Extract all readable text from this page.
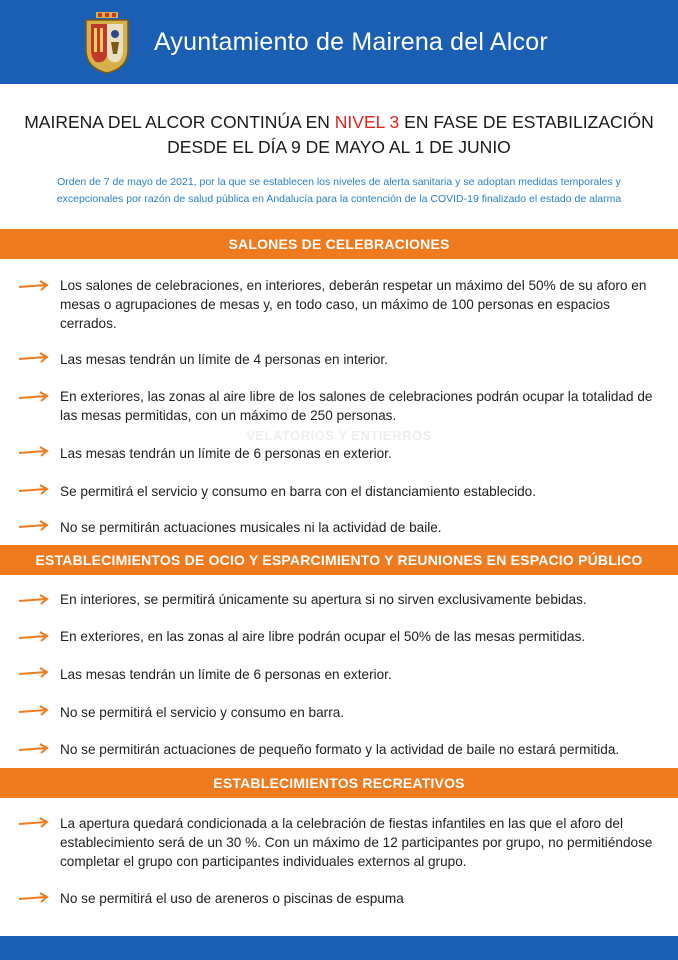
Ayuntamiento de Mairena del Alcor
MAIRENA DEL ALCOR CONTINÚA EN NIVEL 3 EN FASE DE ESTABILIZACIÓN
DESDE EL DÍA 9 DE MAYO AL 1 DE JUNIO
Orden de 7 de mayo de 2021, por la que se establecen los niveles de alerta sanitaria y se adoptan medidas temporales y
excepcionales por razón de salud pública en Andalucía para la contención de la COVID-19 finalizado el estado de alarma
SALONES DE CELEBRACIONES
Los salones de celebraciones, en interiores, deberán respetar un máximo del 50% de su aforo en mesas o agrupaciones de mesas y, en todo caso, un máximo de 100 personas en espacios cerrados.
Las mesas tendrán un límite de 4 personas en interior.
En exteriores, las zonas al aire libre de los salones de celebraciones podrán ocupar la totalidad de las mesas permitidas, con un máximo de 250 personas.
VELATORIOS Y ENTIERROS
Las mesas tendrán un límite de 6 personas en exterior.
Se permitirá el servicio y consumo en barra con el distanciamiento establecido.
No se permitirán actuaciones musicales ni la actividad de baile.
ESTABLECIMIENTOS DE OCIO Y ESPARCIMIENTO Y REUNIONES EN ESPACIO PÚBLICO
En interiores, se permitirá únicamente su apertura si no sirven exclusivamente bebidas.
En exteriores, en las zonas al aire libre podrán ocupar el 50% de las mesas permitidas.
Las mesas tendrán un límite de 6 personas en exterior.
No se permitirá el servicio y consumo en barra.
No se permitirán actuaciones de pequeño formato y la actividad de baile no estará permitida.
ESTABLECIMIENTOS RECREATIVOS
La apertura quedará condicionada a la celebración de fiestas infantiles en las que el aforo del establecimiento será de un 30 %. Con un máximo de 12 participantes por grupo, no permitiéndose completar el grupo con participantes individuales externos al grupo.
No se permitirá el uso de areneros o piscinas de espuma
